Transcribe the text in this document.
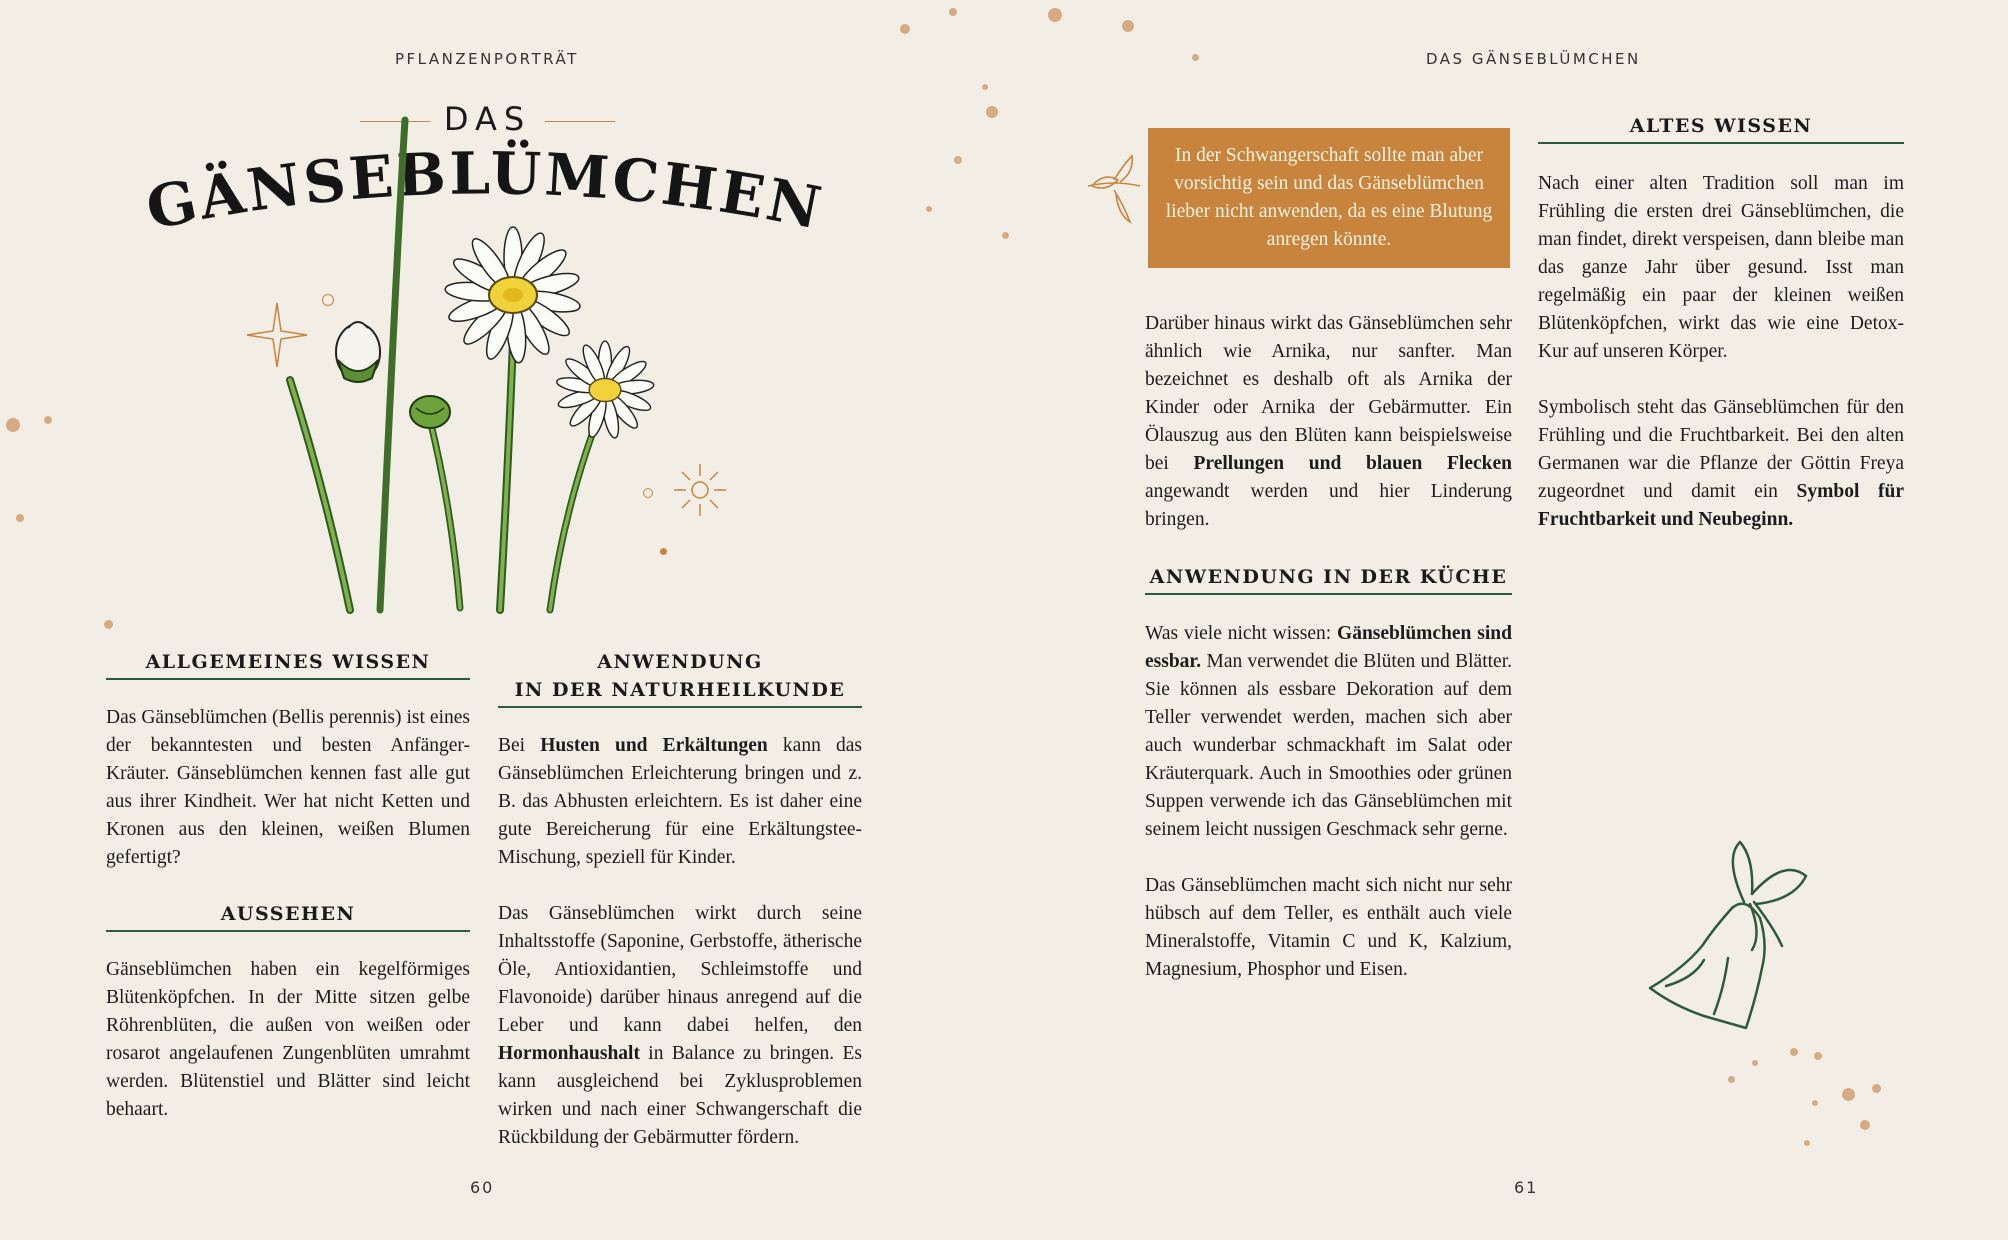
PFLANZENPORTRÄT
DAS
GÄNSEBLÜMCHEN
ALLGEMEINES WISSEN

Das Gänseblümchen (Bellis perennis) ist eines der bekanntesten und besten Anfänger-Kräuter. Gänseblümchen kennen fast alle gut aus ihrer Kindheit. Wer hat nicht Ketten und Kronen aus den kleinen, weißen Blumen gefertigt?

AUSSEHEN

Gänseblümchen haben ein kegelförmiges Blütenköpfchen. In der Mitte sitzen gelbe Röhrenblüten, die außen von weißen oder rosarot angelaufenen Zungenblüten umrahmt werden. Blütenstiel und Blätter sind leicht behaart.

ANWENDUNG
IN DER NATURHEILKUNDE

Bei Husten und Erkältungen kann das Gänseblümchen Erleichterung bringen und z. B. das Abhusten erleichtern. Es ist daher eine gute Bereicherung für eine Erkältungstee-Mischung, speziell für Kinder.

Das Gänseblümchen wirkt durch seine Inhaltsstoffe (Saponine, Gerbstoffe, ätherische Öle, Antioxidantien, Schleimstoffe und Flavonoide) darüber hinaus anregend auf die Leber und kann dabei helfen, den Hormonhaushalt in Balance zu bringen. Es kann ausgleichend bei Zyklusproblemen wirken und nach einer Schwangerschaft die Rückbildung der Gebärmutter fördern.

60
DAS GÄNSEBLÜMCHEN
In der Schwangerschaft sollte man aber vorsichtig sein und das Gänseblümchen lieber nicht anwenden, da es eine Blutung anregen könnte.

Darüber hinaus wirkt das Gänseblümchen sehr ähnlich wie Arnika, nur sanfter. Man bezeichnet es deshalb oft als Arnika der Kinder oder Arnika der Gebärmutter. Ein Ölauszug aus den Blüten kann beispielsweise bei Prellungen und blauen Flecken angewandt werden und hier Linderung bringen.

ANWENDUNG IN DER KÜCHE

Was viele nicht wissen: Gänseblümchen sind essbar. Man verwendet die Blüten und Blätter. Sie können als essbare Dekoration auf dem Teller verwendet werden, machen sich aber auch wunderbar schmackhaft im Salat oder Kräuterquark. Auch in Smoothies oder grünen Suppen verwende ich das Gänseblümchen mit seinem leicht nussigen Geschmack sehr gerne.

Das Gänseblümchen macht sich nicht nur sehr hübsch auf dem Teller, es enthält auch viele Mineralstoffe, Vitamin C und K, Kalzium, Magnesium, Phosphor und Eisen.

ALTES WISSEN

Nach einer alten Tradition soll man im Frühling die ersten drei Gänseblümchen, die man findet, direkt verspeisen, dann bleibe man das ganze Jahr über gesund. Isst man regelmäßig ein paar der kleinen weißen Blütenköpfchen, wirkt das wie eine Detox-Kur auf unseren Körper.

Symbolisch steht das Gänseblümchen für den Frühling und die Fruchtbarkeit. Bei den alten Germanen war die Pflanze der Göttin Freya zugeordnet und damit ein Symbol für Fruchtbarkeit und Neubeginn.

61
